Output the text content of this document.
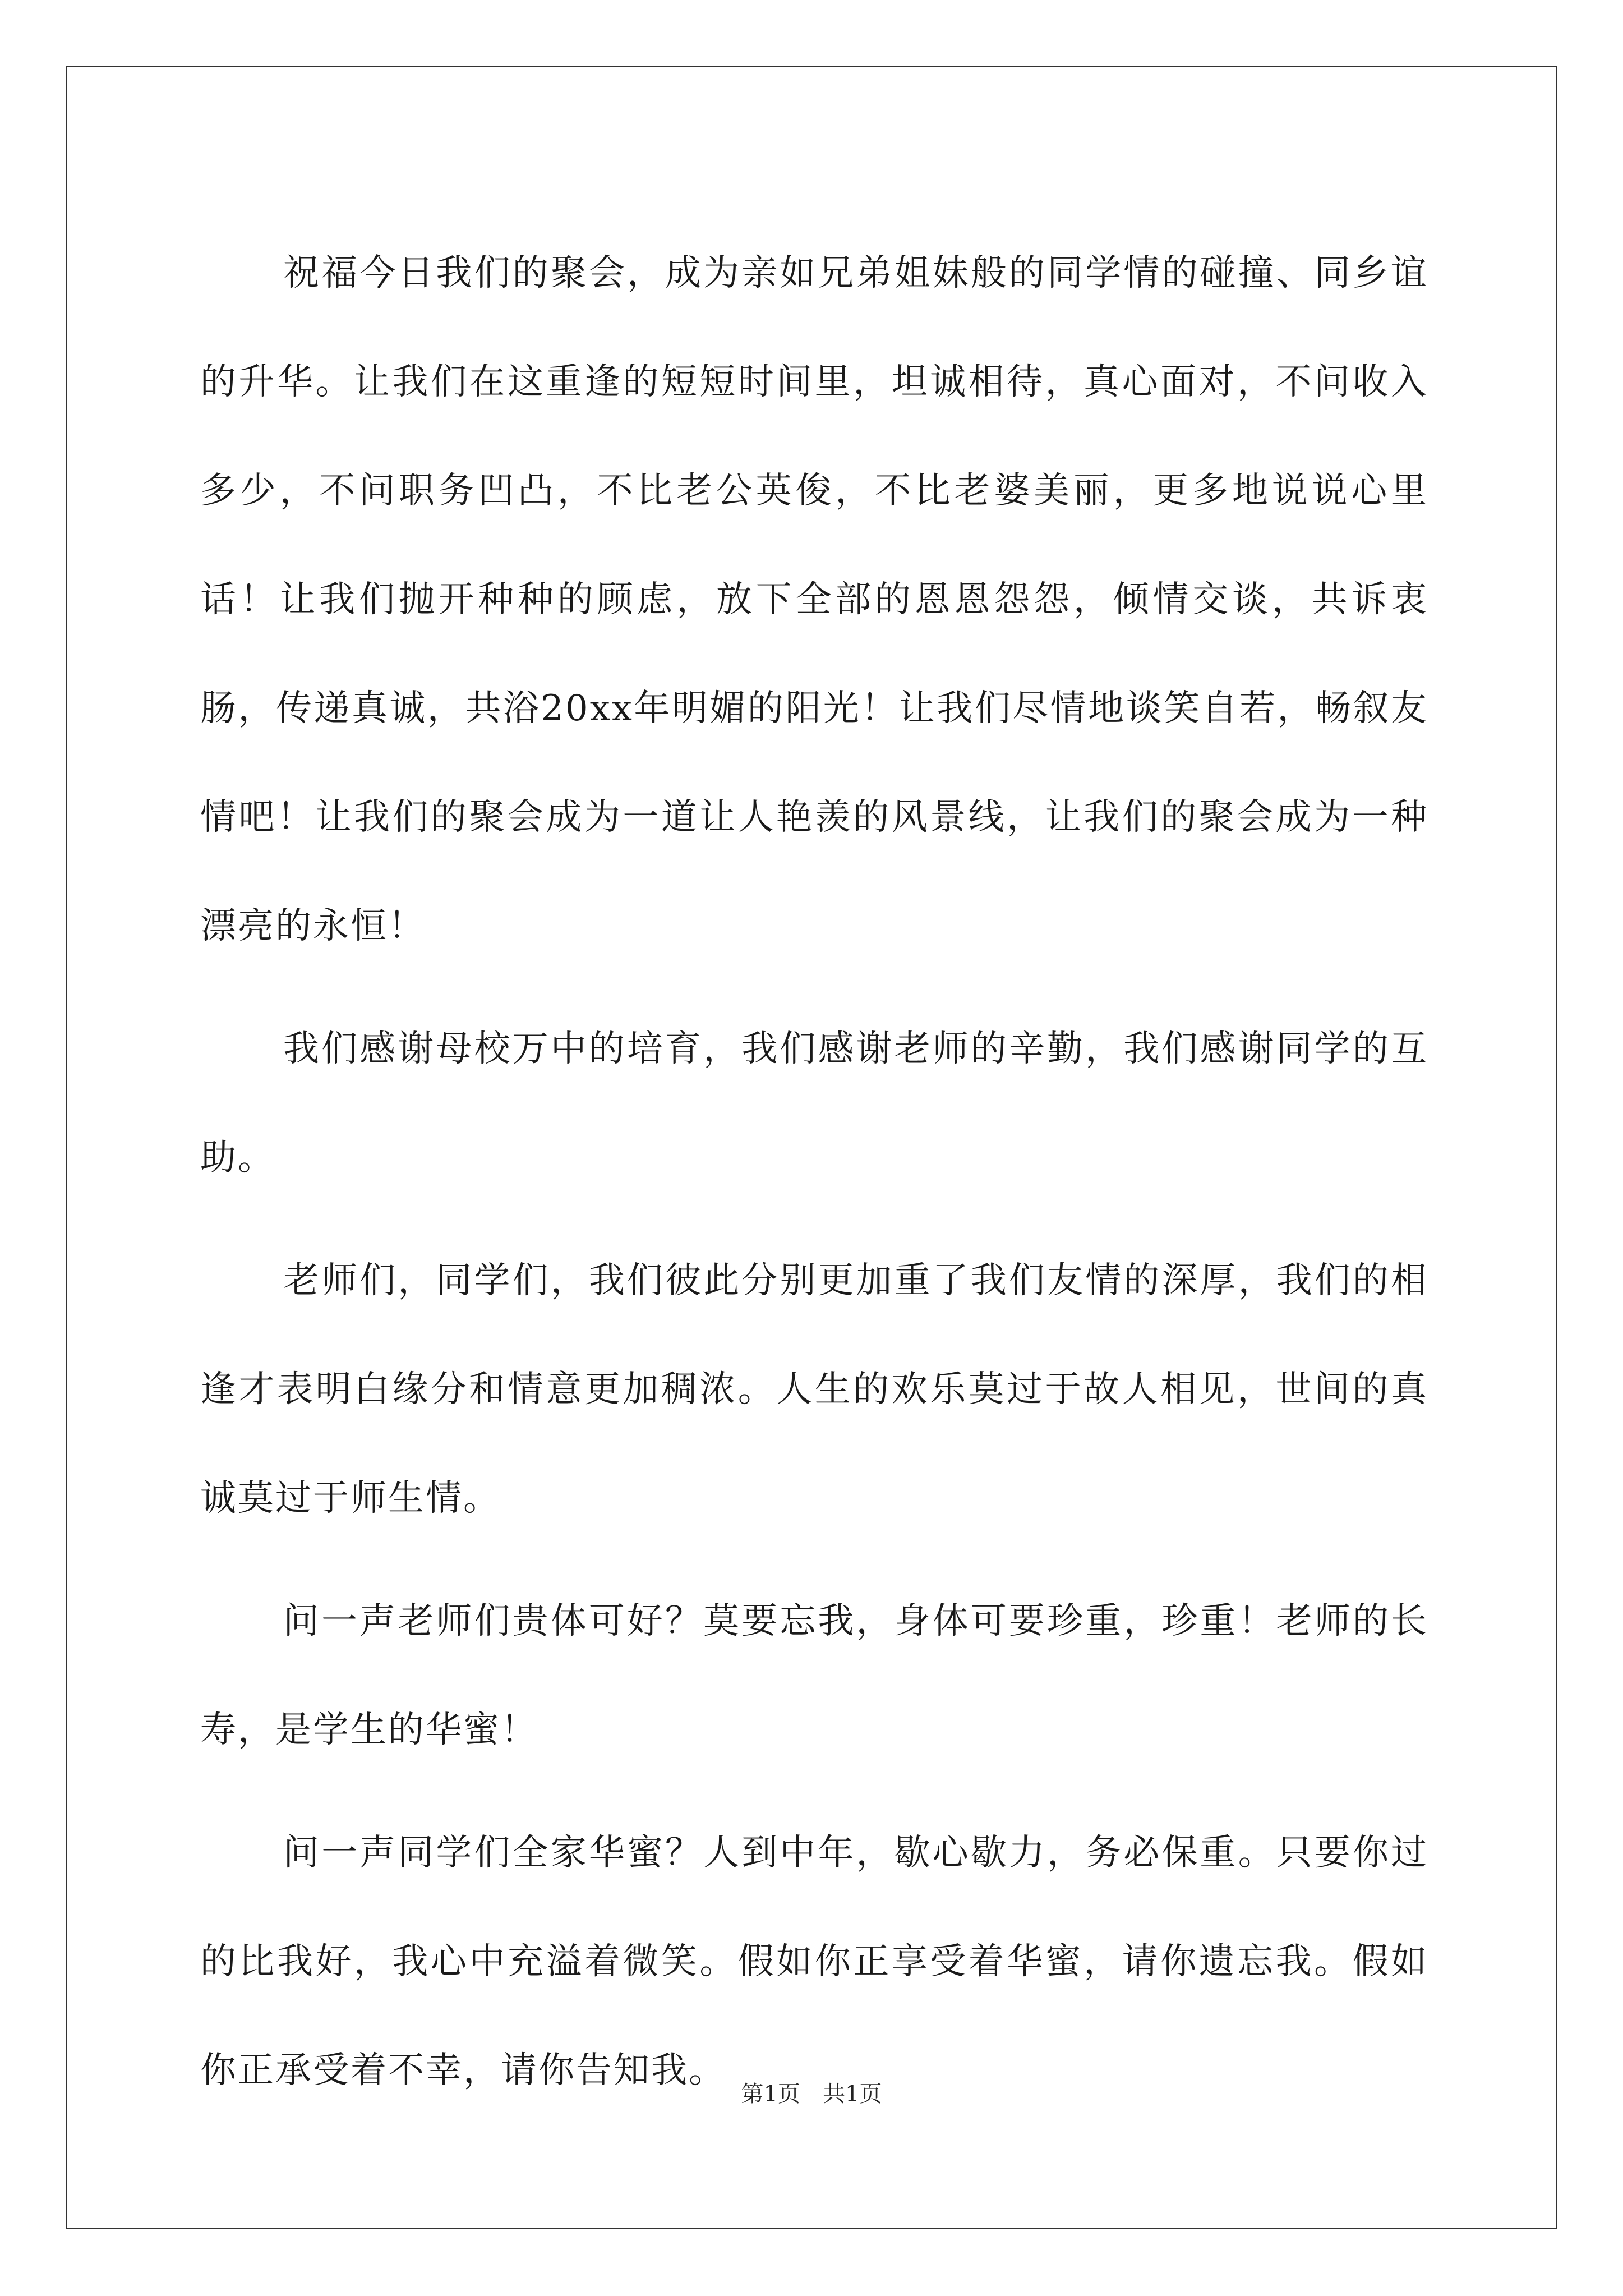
祝福今日我们的聚会，成为亲如兄弟姐妹般的同学情的碰撞、同乡谊的升华。让我们在这重逢的短短时间里，坦诚相待，真心面对，不问收入多少，不问职务凹凸，不比老公英俊，不比老婆美丽，更多地说说心里话！让我们抛开种种的顾虑，放下全部的恩恩怨怨，倾情交谈，共诉衷肠，传递真诚，共浴20xx年明媚的阳光！让我们尽情地谈笑自若，畅叙友情吧！让我们的聚会成为一道让人艳羡的风景线，让我们的聚会成为一种漂亮的永恒！

我们感谢母校万中的培育，我们感谢老师的辛勤，我们感谢同学的互助。

老师们，同学们，我们彼此分别更加重了我们友情的深厚，我们的相逢才表明白缘分和情意更加稠浓。人生的欢乐莫过于故人相见，世间的真诚莫过于师生情。

问一声老师们贵体可好？莫要忘我，身体可要珍重，珍重！老师的长寿，是学生的华蜜！

问一声同学们全家华蜜？人到中年，歇心歇力，务必保重。只要你过的比我好，我心中充溢着微笑。假如你正享受着华蜜，请你遗忘我。假如你正承受着不幸，请你告知我。

第1页　共1页
